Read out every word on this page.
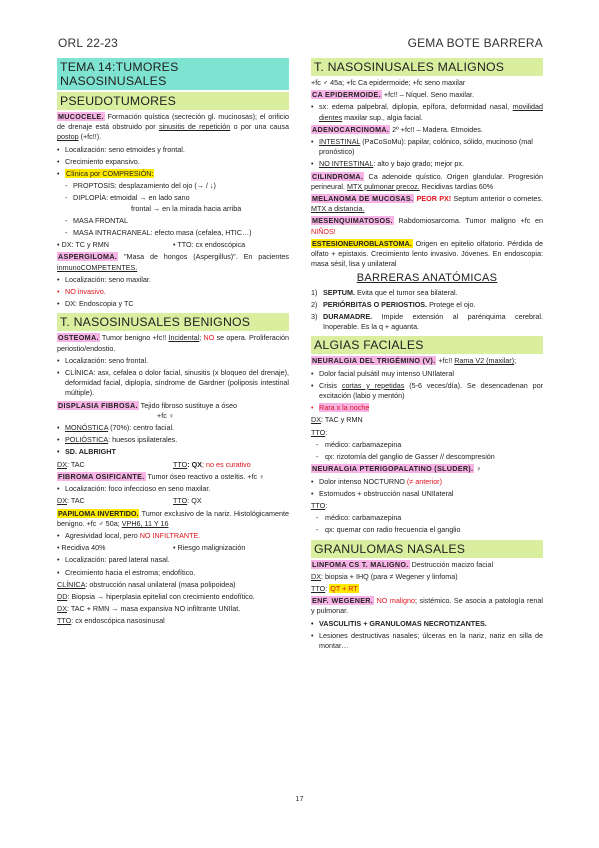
ORL 22-23	GEMA BOTE BARRERA
TEMA 14:TUMORES NASOSINUSALES
PSEUDOTUMORES
MUCOCELE. Formación quística (secreción gl. mucinosas); el orificio de drenaje está obstruido por sinusitis de repetición o por una causa postop (+fc!!).
• Localización: seno etmoides y frontal.
• Crecimiento expansivo.
• Clínica por COMPRESIÓN:
- PROPTOSIS: desplazamiento del ojo (→ / ↓)
- DIPLOPÍA: etmoidal → en lado sano
frontal → en la mirada hacia arriba
- MASA FRONTAL
- MASA INTRACRANEAL: efecto masa (cefalea, HTIC…)
• DX: TC y RMN	• TTO: cx endoscópica
ASPERGILOMA. "Masa de hongos (Aspergillus)". En pacientes inmunoCOMPETENTES.
• Localización: seno maxilar.
• NO invasivo.
• DX: Endoscopia y TC
T. NASOSINUSALES BENIGNOS
OSTEOMA. Tumor benigno +fc!! Incidental; NO se opera. Proliferación periostio/endostio.
• Localización: seno frontal.
• CLÍNICA: asx, cefalea o dolor facial, sinusitis (x bloqueo del drenaje), deformidad facial, diplopía, síndrome de Gardner (poliposis intestinal múltiple).
DISPLASIA FIBROSA. Tejido fibroso sustituye a óseo
+fc ♀
• MONÓSTICA (70%): centro facial.
• POLIÓSTICA: huesos ipsilaterales.
• SD. ALBRIGHT
DX: TAC	TTO: QX; no es curativo
FIBROMA OSIFICANTE. Tumor óseo reactivo a osteítis. +fc ♀
• Localización: foco infeccioso en seno maxilar.
DX: TAC	TTO: QX
PAPILOMA INVERTIDO. Tumor exclusivo de la nariz. Histológicamente benigno. +fc ♂ 50a; VPH6, 11 Y 16
• Agresividad local, pero NO INFILTRANTE.
• Recidiva 40%	• Riesgo malignización
• Localización: pared lateral nasal.
• Crecimiento hacia el estroma; endofítico.
CLÍNICA: obstrucción nasal unilateral (masa polipoidea)
DD: Biopsia → hiperplasia epitelial con crecimiento endofítico.
DX: TAC + RMN → masa expansiva NO infiltrante UNIlat.
TTO: cx endoscópica nasosinusal
T. NASOSINUSALES MALIGNOS
+fc ♂ 45a; +fc Ca epidermoide; +fc seno maxilar
CA EPIDERMOIDE. +fc!! – Níquel. Seno maxilar.
• sx: edema palpebral, diplopia, epífora, deformidad nasal, movilidad dientes maxilar sup., algia facial.
ADENOCARCINOMA. 2º +fc!! – Madera. Etmoides.
• INTESTINAL (PaCoSoMu): papilar, colónico, sólido, mucinoso (mal pronóstico)
• NO INTESTINAL: alto y bajo grado; mejor px.
CILINDROMA. Ca adenoide quístico. Origen glandular. Progresión perineural. MTX pulmonar precoz. Recidivas tardías 60%
MELANOMA DE MUCOSAS. PEOR PX! Septum anterior o cornetes. MTX a distancia.
MESENQUIMATOSOS. Rabdomiosarcoma. Tumor maligno +fc en NIÑOS!
ESTESIONEUROBLASTOMA. Origen en epitelio olfatorio. Pérdida de olfato + epistaxis. Crecimiento lento invasivo. Jóvenes. En endoscopia: masa sésil, lisa y unilateral
BARRERAS ANATÓMICAS
1) SEPTUM. Evita que el tumor sea bilateral.
2) PERIÓRBITAS O PERIOSTIOS. Protege el ojo.
3) DURAMADRE. Impide extensión al parénquima cerebral. Inoperable. Es la q + aguanta.
ALGIAS FACIALES
NEURALGIA DEL TRIGÉMINO (V). +fc!! Rama V2 (maxilar);
• Dolor facial pulsátil muy intenso UNIlateral
• Crisis cortas y repetidas (5-6 veces/día). Se desencadenan por excitación (labio y mentón)
• Rara x la noche
DX: TAC y RMN
TTO:
- médico: carbamazepina
- qx: rizotomía del ganglio de Gasser // descompresión
NEURALGIA PTERIGOPALATINO (SLUDER). ♀
• Dolor intenso NOCTURNO (≠ anterior)
• Estornudos + obstrucción nasal UNIlateral
TTO:
- médico: carbamazepina
- qx: quemar con radio frecuencia el ganglio
GRANULOMAS NASALES
LINFOMA CS T. MALIGNO. Destrucción macizo facial
DX: biopsia + IHQ (para ≠ Wegener y linfoma)
TTO: QT + RT
ENF. WEGENER. NO maligno; sistémico. Se asocia a patología renal y pulmonar.
• VASCULITIS + GRANULOMAS NECROTIZANTES.
• Lesiones destructivas nasales; úlceras en la nariz, nariz en silla de montar…
17
